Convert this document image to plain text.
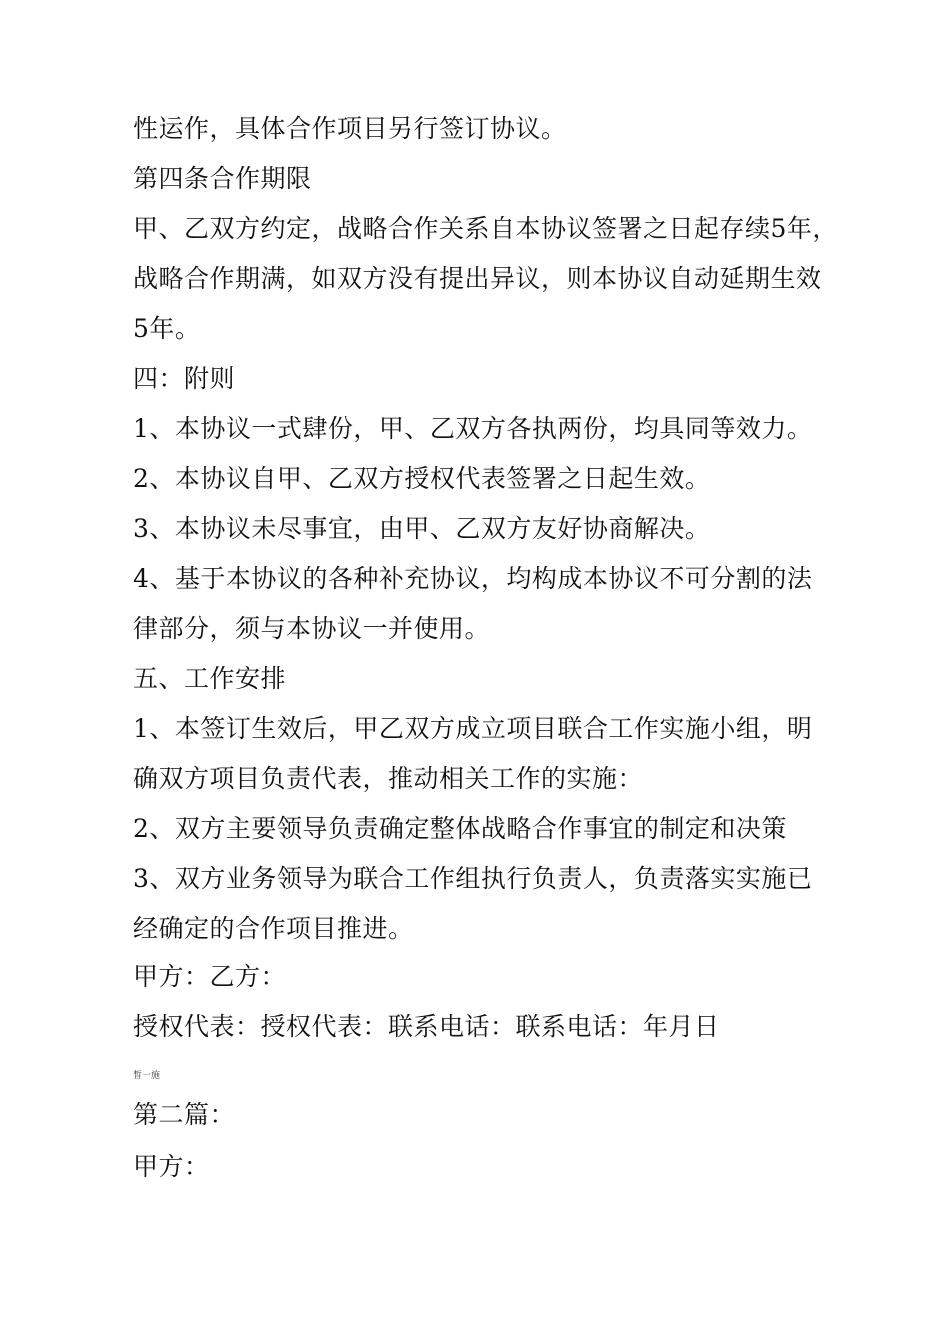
性运作，具体合作项目另行签订协议。
第四条合作期限
甲、乙双方约定，战略合作关系自本协议签署之日起存续5年，
战略合作期满，如双方没有提出异议，则本协议自动延期生效
5年。
四：附则
1、本协议一式肆份，甲、乙双方各执两份，均具同等效力。
2、本协议自甲、乙双方授权代表签署之日起生效。
3、本协议未尽事宜，由甲、乙双方友好协商解决。
4、基于本协议的各种补充协议，均构成本协议不可分割的法
律部分，须与本协议一并使用。
五、工作安排
1、本签订生效后，甲乙双方成立项目联合工作实施小组，明
确双方项目负责代表，推动相关工作的实施：
2、双方主要领导负责确定整体战略合作事宜的制定和决策
3、双方业务领导为联合工作组执行负责人，负责落实实施已
经确定的合作项目推进。
甲方：乙方：
授权代表：授权代表：联系电话：联系电话：年月日
晳一施
第二篇：
甲方：
